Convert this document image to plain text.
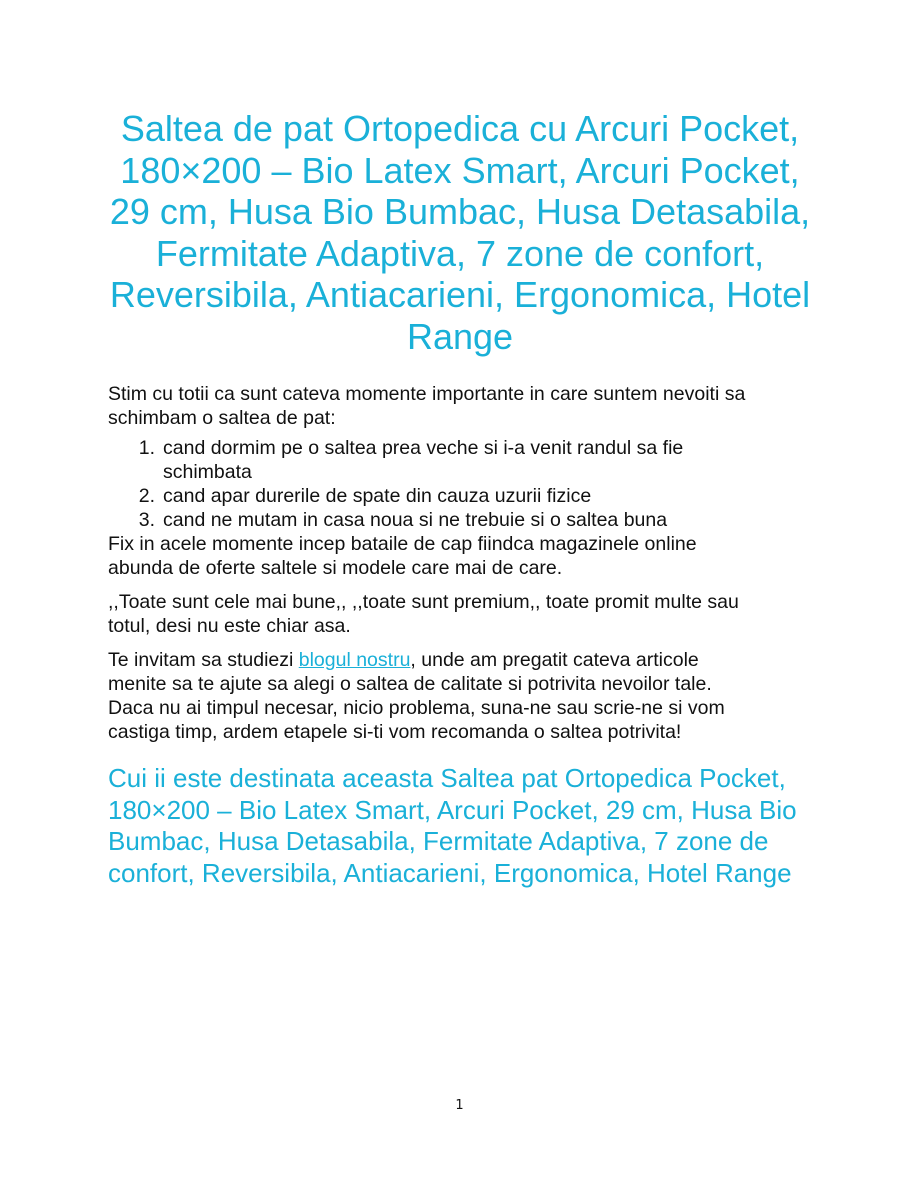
Saltea de pat Ortopedica cu Arcuri Pocket,
180×200 – Bio Latex Smart, Arcuri Pocket,
29 cm, Husa Bio Bumbac, Husa Detasabila,
Fermitate Adaptiva, 7 zone de confort,
Reversibila, Antiacarieni, Ergonomica, Hotel
Range

Stim cu totii ca sunt cateva momente importante in care suntem nevoiti sa
schimbam o saltea de pat:

1. cand dormim pe o saltea prea veche si i-a venit randul sa fie
schimbata
2. cand apar durerile de spate din cauza uzurii fizice
3. cand ne mutam in casa noua si ne trebuie si o saltea buna

Fix in acele momente incep bataile de cap fiindca magazinele online
abunda de oferte saltele si modele care mai de care.

,,Toate sunt cele mai bune,, ,,toate sunt premium,, toate promit multe sau
totul, desi nu este chiar asa.

Te invitam sa studiezi blogul nostru, unde am pregatit cateva articole
menite sa te ajute sa alegi o saltea de calitate si potrivita nevoilor tale.
Daca nu ai timpul necesar, nicio problema, suna-ne sau scrie-ne si vom
castiga timp, ardem etapele si-ti vom recomanda o saltea potrivita!

Cui ii este destinata aceasta Saltea pat Ortopedica Pocket,
180×200 – Bio Latex Smart, Arcuri Pocket, 29 cm, Husa Bio
Bumbac, Husa Detasabila, Fermitate Adaptiva, 7 zone de
confort, Reversibila, Antiacarieni, Ergonomica, Hotel Range
1
